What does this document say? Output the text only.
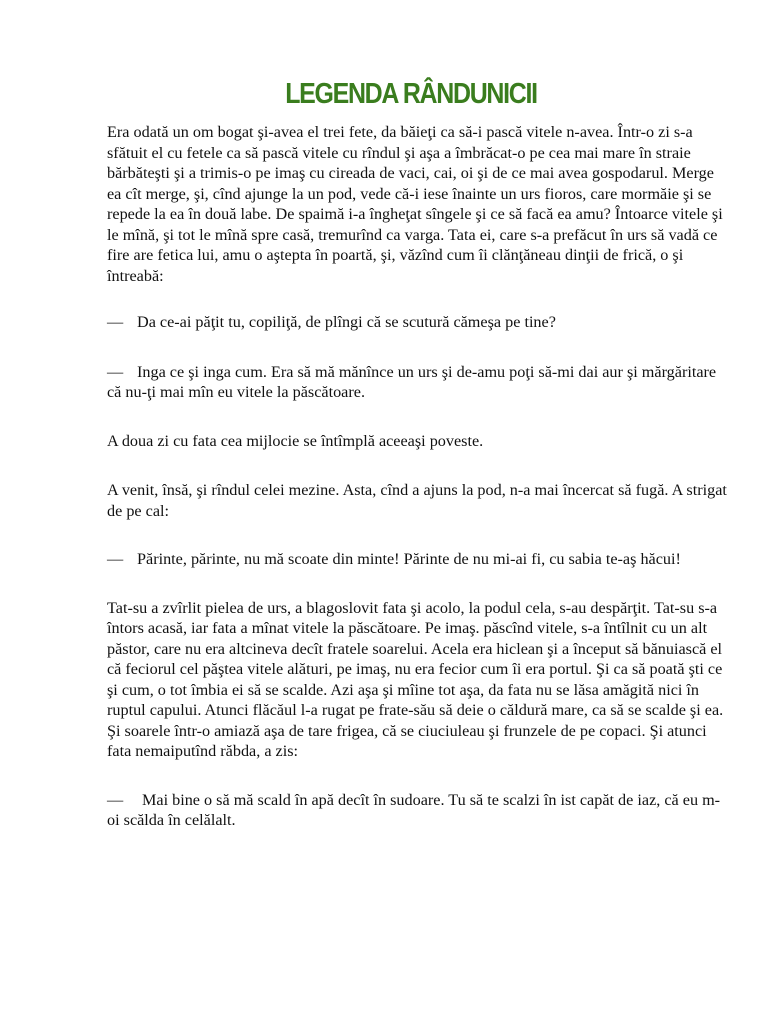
LEGENDA RÂNDUNICII

Era odată un om bogat şi-avea el trei fete, da băieţi ca să-i pască vitele n-avea. Într-o zi s-a sfătuit el cu fetele ca să pască vitele cu rîndul şi aşa a îmbrăcat-o pe cea mai mare în straie bărbăteşti şi a trimis-o pe imaş cu cireada de vaci, cai, oi şi de ce mai avea gospodarul. Merge ea cît merge, şi, cînd ajunge la un pod, vede că-i iese înainte un urs fioros, care mormăie şi se repede la ea în două labe. De spaimă i-a îngheţat sîngele şi ce să facă ea amu? Întoarce vitele şi le mînă, şi tot le mînă spre casă, tremurînd ca varga. Tata ei, care s-a prefăcut în urs să vadă ce fire are fetica lui, amu o aştepta în poartă, şi, văzînd cum îi clănţăneau dinţii de frică, o şi întreabă:

— Da ce-ai păţit tu, copiliţă, de plîngi că se scutură cămeşa pe tine?

— Inga ce şi inga cum. Era să mă mănînce un urs şi de-amu poţi să-mi dai aur şi mărgăritare că nu-ţi mai mîn eu vitele la păscătoare.

A doua zi cu fata cea mijlocie se întîmplă aceeaşi poveste.

A venit, însă, şi rîndul celei mezine. Asta, cînd a ajuns la pod, n-a mai încercat să fugă. A strigat de pe cal:

— Părinte, părinte, nu mă scoate din minte! Părinte de nu mi-ai fi, cu sabia te-aş hăcui!

Tat-su a zvîrlit pielea de urs, a blagoslovit fata şi acolo, la podul cela, s-au despărţit. Tat-su s-a întors acasă, iar fata a mînat vitele la păscătoare. Pe imaş. păscînd vitele, s-a întîlnit cu un alt păstor, care nu era altcineva decît fratele soarelui. Acela era hiclean şi a început să bănuiască el că feciorul cel păştea vitele alături, pe imaş, nu era fecior cum îi era portul. Şi ca să poată şti ce şi cum, o tot îmbia ei să se scalde. Azi aşa şi mîine tot aşa, da fata nu se lăsa amăgită nici în ruptul capului. Atunci flăcăul l-a rugat pe frate-său să deie o căldură mare, ca să se scalde şi ea. Şi soarele într-o amiază aşa de tare frigea, că se ciuciuleau şi frunzele de pe copaci. Şi atunci fata nemaiputînd răbda, a zis:

— Mai bine o să mă scald în apă decît în sudoare. Tu să te scalzi în ist capăt de iaz, că eu m-oi scălda în celălalt.
